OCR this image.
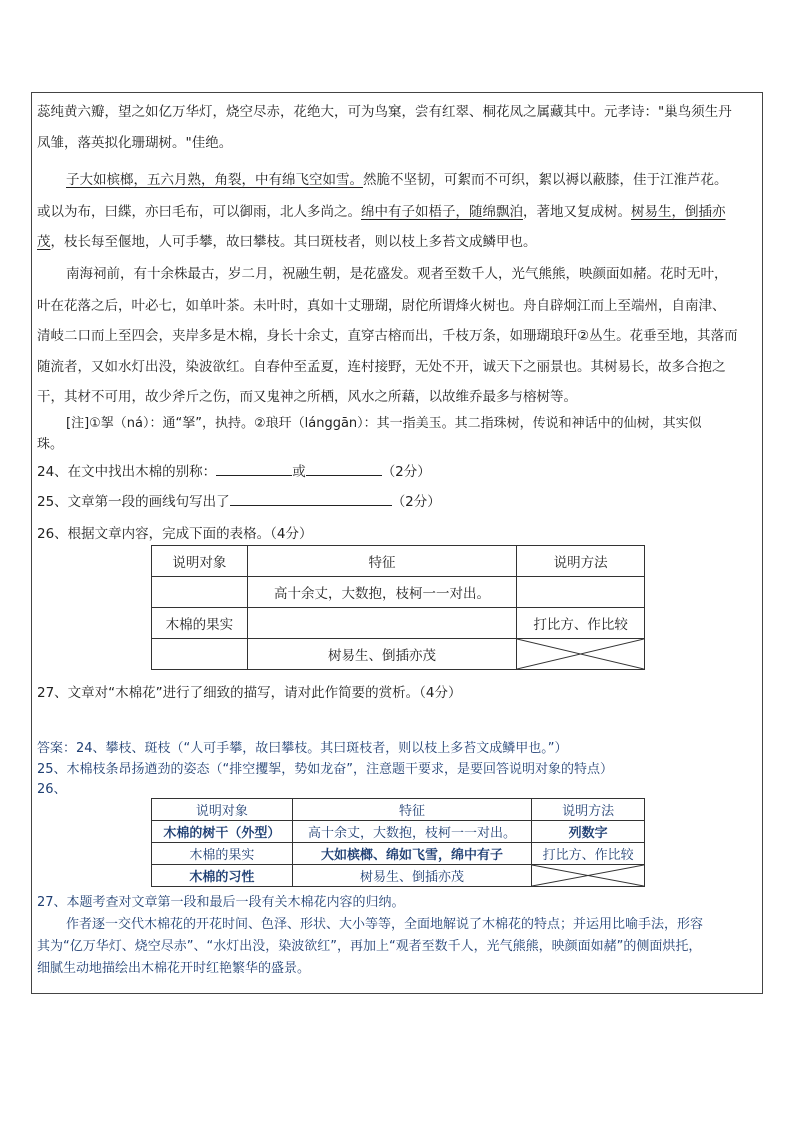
蕊纯黄六瓣，望之如亿万华灯，烧空尽赤，花绝大，可为鸟窠，尝有红翠、桐花凤之属藏其中。元孝诗："巢鸟须生丹
凤雏，落英拟化珊瑚树。"佳绝。
子大如槟榔，五六月熟，角裂，中有绵飞空如雪。然脆不坚韧，可絮而不可织，絮以褥以蔽膝，佳于江淮芦花。
或以为布，曰緤，亦曰毛布，可以御雨，北人多尚之。绵中有子如梧子，随绵飘泊，著地又复成树。树易生，倒插亦
茂，枝长每至偃地，人可手攀，故曰攀枝。其曰斑枝者，则以枝上多苔文成鳞甲也。
南海祠前，有十余株最古，岁二月，祝融生朝，是花盛发。观者至数千人，光气熊熊，映颜面如赭。花时无叶，
叶在花落之后，叶必七，如单叶茶。未叶时，真如十丈珊瑚，尉佗所谓烽火树也。舟自辟炯江而上至端州，自南津、
清岐二口而上至四会，夹岸多是木棉，身长十余丈，直穿古榕而出，千枝万条，如珊瑚琅玕②丛生。花垂至地，其落而
随流者，又如水灯出没，染波欲红。自春仲至孟夏，连村接野，无处不开，诚天下之丽景也。其树易长，故多合抱之
干，其材不可用，故少斧斤之伤，而又鬼神之所栖，风水之所藉，以故维乔最多与榕树等。
[注]①挐（ná）：通“拏”，执持。②琅玕（lánggān）：其一指美玉。其二指珠树，传说和神话中的仙树，其实似
珠。
24、在文中找出木棉的别称：	或	（2分）
25、文章第一段的画线句写出了	（2分）
26、根据文章内容，完成下面的表格。（4分）
说明对象	特征	说明方法
	高十余丈，大数抱，枝柯一一对出。	
木棉的果实		打比方、作比较
	树易生、倒插亦茂	
27、文章对“木棉花”进行了细致的描写，请对此作简要的赏析。（4分）
答案：24、攀枝、斑枝（“人可手攀，故曰攀枝。其曰斑枝者，则以枝上多苔文成鳞甲也。”）
25、木棉枝条昂扬遒劲的姿态（“排空攫挐，势如龙奋”，注意题干要求，是要回答说明对象的特点）
26、
说明对象	特征	说明方法
木棉的树干（外型）	高十余丈，大数抱，枝柯一一对出。	列数字
木棉的果实	大如槟榔、绵如飞雪，绵中有子	打比方、作比较
木棉的习性	树易生、倒插亦茂	
27、本题考查对文章第一段和最后一段有关木棉花内容的归纳。
作者逐一交代木棉花的开花时间、色泽、形状、大小等等，全面地解说了木棉花的特点；并运用比喻手法，形容
其为“亿万华灯、烧空尽赤”、“水灯出没，染波欲红”，再加上“观者至数千人，光气熊熊，映颜面如赭”的侧面烘托，
细腻生动地描绘出木棉花开时红艳繁华的盛景。
